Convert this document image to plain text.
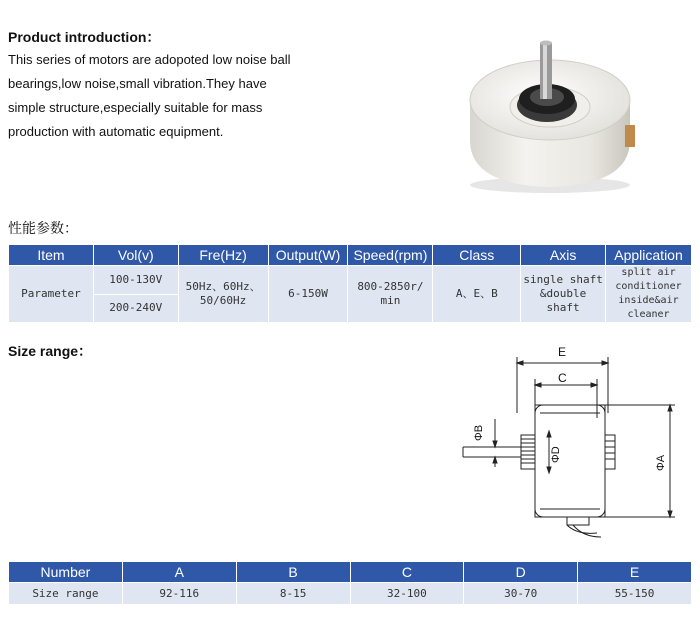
Product introduction：
This series of motors are adopoted low noise ball bearings,low noise,small vibration.They have simple structure,especially suitable for mass production with automatic equipment.
性能参数：
Item	Vol(v)	Fre(Hz)	Output(W)	Speed(rpm)	Class	Axis	Application
Parameter	100-130V	50Hz、60Hz、 50/60Hz	6-150W	800-2850r/ min	A、E、B	single shaft &double shaft	split air conditioner inside&air cleaner
	200-240V						
Size range：	E
C
ΦB
ΦD	ΦA
Number	A	B	C	D	E
Size range	92-116	8-15	32-100	30-70	55-150
